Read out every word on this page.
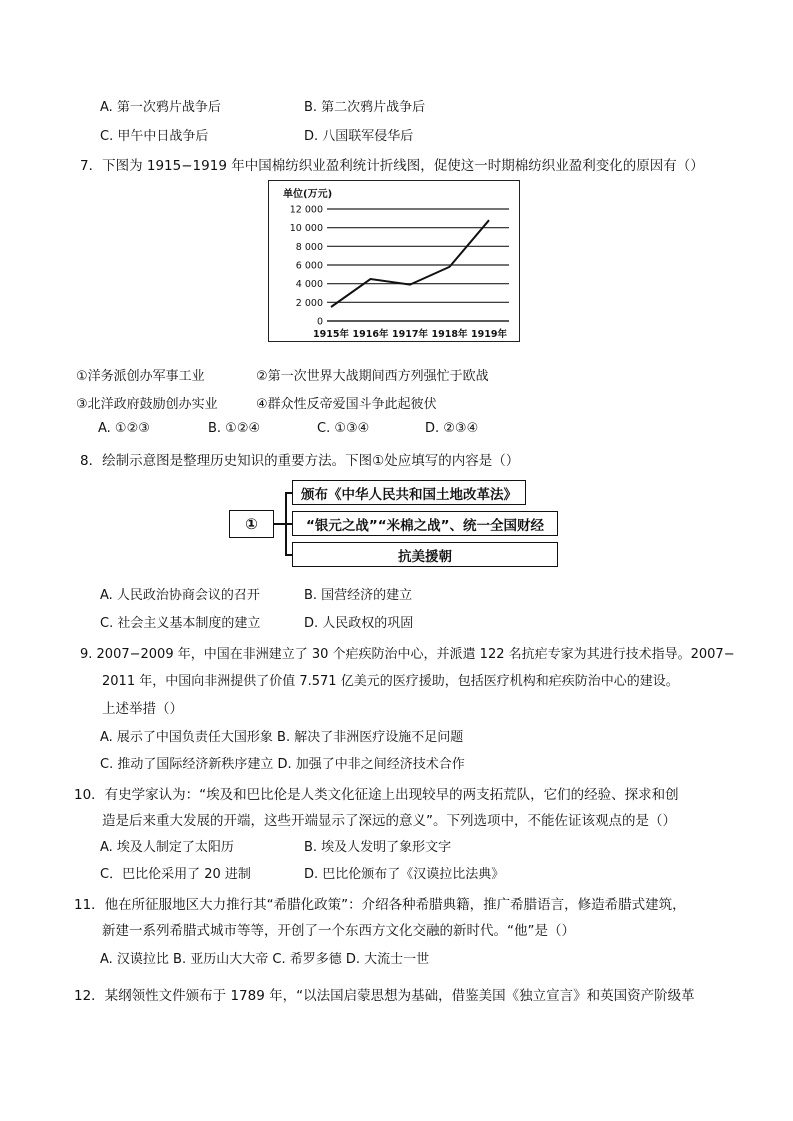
A. 第一次鸦片战争后	B. 第二次鸦片战争后
C. 甲午中日战争后	D. 八国联军侵华后
7．下图为 1915−1919 年中国棉纺织业盈利统计折线图，促使这一时期棉纺织业盈利变化的原因有（）
单位(万元)
12 000
10 000
8 000
6 000
4 000
2 000
0
1915年 1916年 1917年 1918年 1919年
①洋务派创办军事工业	②第一次世界大战期间西方列强忙于欧战
③北洋政府鼓励创办实业	④群众性反帝爱国斗争此起彼伏
A. ①②③	B. ①②④	C. ①③④	D. ②③④
8．绘制示意图是整理历史知识的重要方法。下图①处应填写的内容是（）
①
颁布《中华人民共和国土地改革法》
“银元之战”“米棉之战”、统一全国财经
抗美援朝
A. 人民政治协商会议的召开	B. 国营经济的建立
C. 社会主义基本制度的建立	D. 人民政权的巩固
9. 2007−2009 年，中国在非洲建立了 30 个疟疾防治中心，并派遣 122 名抗疟专家为其进行技术指导。2007−
2011 年，中国向非洲提供了价值 7.571 亿美元的医疗援助，包括医疗机构和疟疾防治中心的建设。
上述举措（）
A. 展示了中国负责任大国形象 B. 解决了非洲医疗设施不足问题
C. 推动了国际经济新秩序建立 D. 加强了中非之间经济技术合作
10．有史学家认为：“埃及和巴比伦是人类文化征途上出现较早的两支拓荒队，它们的经验、探求和创
造是后来重大发展的开端，这些开端显示了深远的意义”。下列选项中，不能佐证该观点的是（）
A. 埃及人制定了太阳历	B. 埃及人发明了象形文字
C．巴比伦采用了 20 进制	D. 巴比伦颁布了《汉谟拉比法典》
11．他在所征服地区大力推行其“希腊化政策”：介绍各种希腊典籍，推广希腊语言，修造希腊式建筑，
新建一系列希腊式城市等等，开创了一个东西方文化交融的新时代。“他”是（）
A. 汉谟拉比 B. 亚历山大大帝 C. 希罗多德 D. 大流士一世
12．某纲领性文件颁布于 1789 年，“以法国启蒙思想为基础，借鉴美国《独立宣言》和英国资产阶级革
